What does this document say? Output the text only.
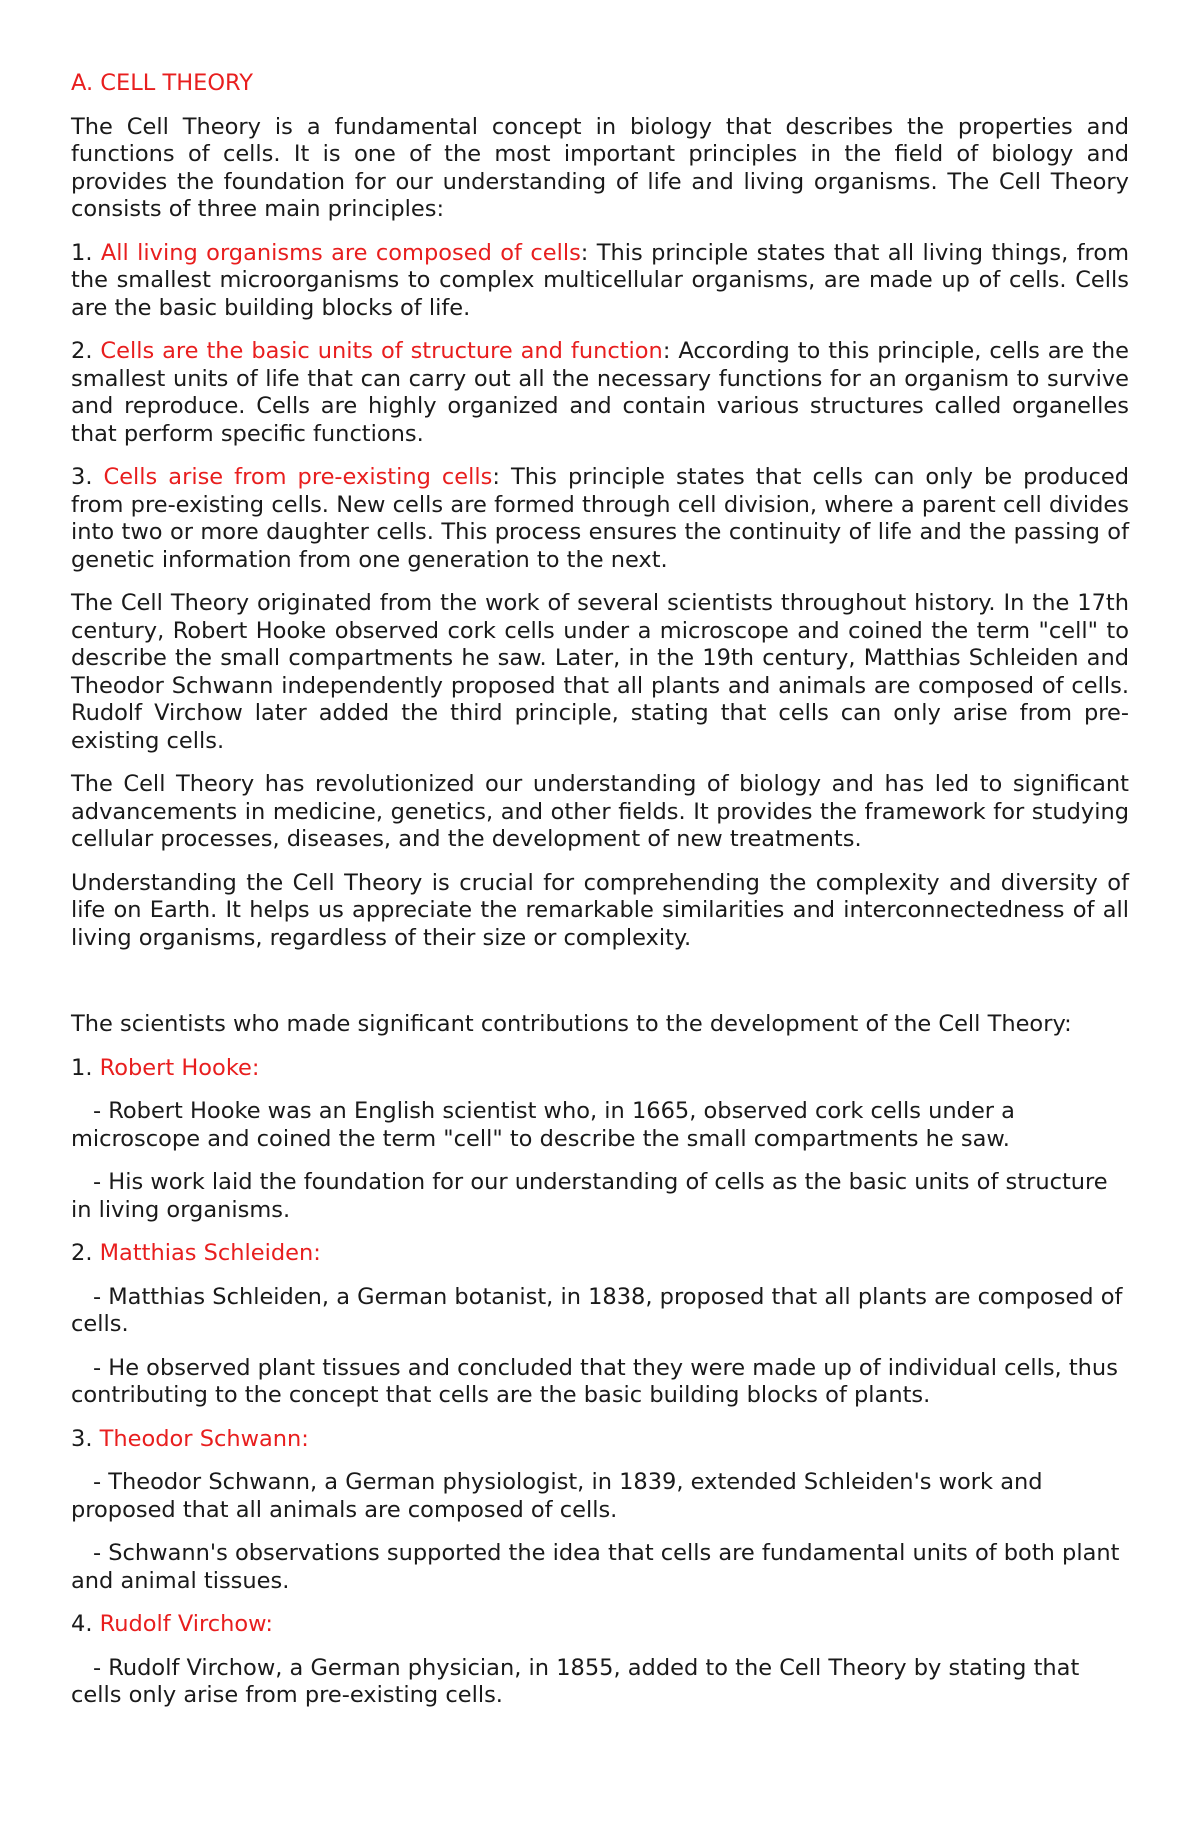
A. CELL THEORY

The Cell Theory is a fundamental concept in biology that describes the properties and functions of cells. It is one of the most important principles in the field of biology and provides the foundation for our understanding of life and living organisms. The Cell Theory consists of three main principles:

1. All living organisms are composed of cells: This principle states that all living things, from the smallest microorganisms to complex multicellular organisms, are made up of cells. Cells are the basic building blocks of life.

2. Cells are the basic units of structure and function: According to this principle, cells are the smallest units of life that can carry out all the necessary functions for an organism to survive and reproduce. Cells are highly organized and contain various structures called organelles that perform specific functions.

3. Cells arise from pre-existing cells: This principle states that cells can only be produced from pre-existing cells. New cells are formed through cell division, where a parent cell divides into two or more daughter cells. This process ensures the continuity of life and the passing of genetic information from one generation to the next.

The Cell Theory originated from the work of several scientists throughout history. In the 17th century, Robert Hooke observed cork cells under a microscope and coined the term "cell" to describe the small compartments he saw. Later, in the 19th century, Matthias Schleiden and Theodor Schwann independently proposed that all plants and animals are composed of cells. Rudolf Virchow later added the third principle, stating that cells can only arise from pre-existing cells.

The Cell Theory has revolutionized our understanding of biology and has led to significant advancements in medicine, genetics, and other fields. It provides the framework for studying cellular processes, diseases, and the development of new treatments.

Understanding the Cell Theory is crucial for comprehending the complexity and diversity of life on Earth. It helps us appreciate the remarkable similarities and interconnectedness of all living organisms, regardless of their size or complexity.

The scientists who made significant contributions to the development of the Cell Theory:

1. Robert Hooke:

- Robert Hooke was an English scientist who, in 1665, observed cork cells under a microscope and coined the term "cell" to describe the small compartments he saw.

- His work laid the foundation for our understanding of cells as the basic units of structure in living organisms.

2. Matthias Schleiden:

- Matthias Schleiden, a German botanist, in 1838, proposed that all plants are composed of cells.

- He observed plant tissues and concluded that they were made up of individual cells, thus contributing to the concept that cells are the basic building blocks of plants.

3. Theodor Schwann:

- Theodor Schwann, a German physiologist, in 1839, extended Schleiden's work and proposed that all animals are composed of cells.

- Schwann's observations supported the idea that cells are fundamental units of both plant and animal tissues.

4. Rudolf Virchow:

- Rudolf Virchow, a German physician, in 1855, added to the Cell Theory by stating that cells only arise from pre-existing cells.
